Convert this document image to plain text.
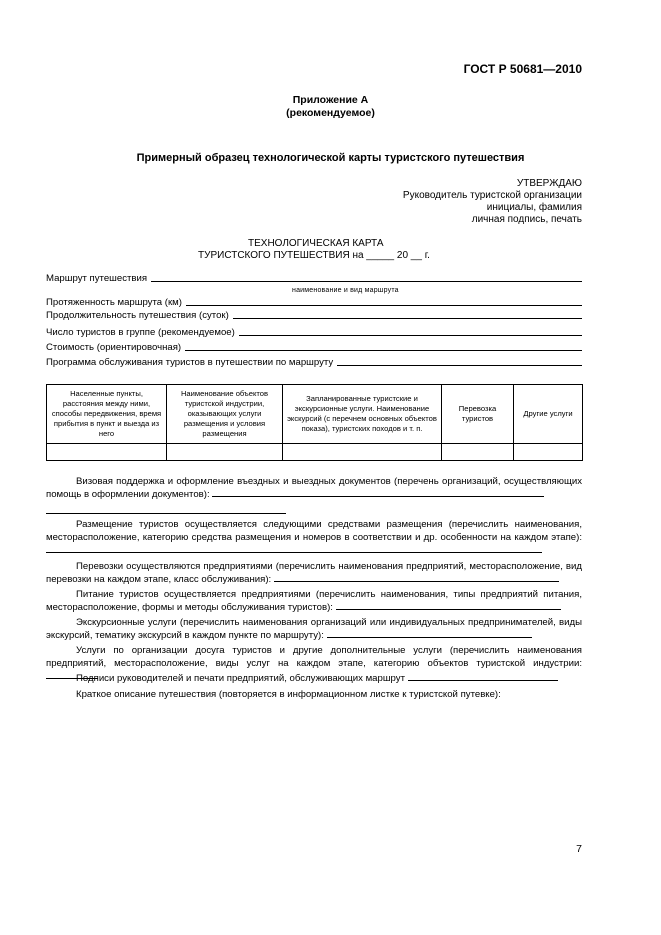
ГОСТ Р 50681—2010
Приложение А
(рекомендуемое)
Примерный образец технологической карты туристского путешествия
УТВЕРЖДАЮ
Руководитель туристской организации
инициалы, фамилия
личная подпись, печать
ТЕХНОЛОГИЧЕСКАЯ КАРТА
ТУРИСТСКОГО ПУТЕШЕСТВИЯ на _____ 20 __ г.
Маршрут путешествия
наименование и вид маршрута
Протяженность маршрута (км)
Продолжительность путешествия (суток)
Число туристов в группе (рекомендуемое)
Стоимость (ориентировочная)
Программа обслуживания туристов в путешествии по маршруту
Населенные пункты, расстояния между ними, способы передвижения, время прибытия в пункт и выезда из него	Наименование объектов туристской индустрии, оказывающих услуги размещения и условия размещения	Запланированные туристские и экскурсионные услуги. Наименование экскурсий (с перечнем основных объектов показа), туристских походов и т. п.	Перевозка туристов	Другие услуги

Визовая поддержка и оформление въездных и выездных документов (перечень организаций, осуществляющих помощь в оформлении документов):
Размещение туристов осуществляется следующими средствами размещения (перечислить наименования, месторасположение, категорию средства размещения и номеров в соответствии и др. особенности на каждом этапе):
Перевозки осуществляются предприятиями (перечислить наименования предприятий, месторасположение, вид перевозки на каждом этапе, класс обслуживания):
Питание туристов осуществляется предприятиями (перечислить наименования, типы предприятий питания, месторасположение, формы и методы обслуживания туристов):
Экскурсионные услуги (перечислить наименования организаций или индивидуальных предпринимателей, виды экскурсий, тематику экскурсий в каждом пункте по маршруту):
Услуги по организации досуга туристов и другие дополнительные услуги (перечислить наименования предприятий, месторасположение, виды услуг на каждом этапе, категорию объектов туристской индустрии:
Подписи руководителей и печати предприятий, обслуживающих маршрут
Краткое описание путешествия (повторяется в информационном листке к туристской путевке):
7
